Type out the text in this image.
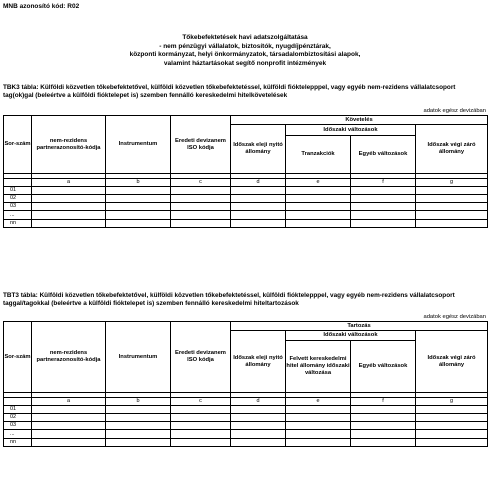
MNB azonosító kód: R02
Tőkebefektetések havi adatszolgáltatása
- nem pénzügyi vállalatok, biztosítók, nyugdíjpénztárak,
központi kormányzat, helyi önkormányzatok, társadalombiztosítási alapok,
valamint háztartásokat segítő nonprofit intézmények
TBK3 tábla: Külföldi közvetlen tőkebefektetővel, külföldi közvetlen tőkebefektetéssel, külföldi fióktelepppel, vagy egyéb nem-rezidens vállalatcsoport tag(ok)gal (beleértve a külföldi fióktelepet is) szemben fennálló kereskedelmi hitelkövetelések
adatok egész devizában
Sor-szám	nem-rezidens partnerazonosító-kódja	Instrumentum	Eredeti devizanem ISO kódja	Követelés			
				Időszak eleji nyitó állomány	Időszaki változások		Időszak végi záró állomány
					Tranzakciók	Egyéb változások	

	a	b	c	d	e	f	g
01							
02							
03							
...							
nn							
TBT3 tábla: Külföldi közvetlen tőkebefektetővel, külföldi közvetlen tőkebefektetéssel, külföldi fióktelepppel, vagy egyéb nem-rezidens vállalatcsoport taggal/tagokkal (beleértve a külföldi fióktelepet is) szemben fennálló kereskedelmi hiteltartozások
adatok egész devizában
Sor-szám	nem-rezidens partnerazonosító-kódja	Instrumentum	Eredeti devizanem ISO kódja	Tartozás			
				Időszak eleji nyitó állomány	Időszaki változások		Időszak végi záró állomány
					Felvett kereskedelmi hitel állomány időszaki változása	Egyéb változások	

	a	b	c	d	e	f	g
01							
02							
03							
...							
nn							
